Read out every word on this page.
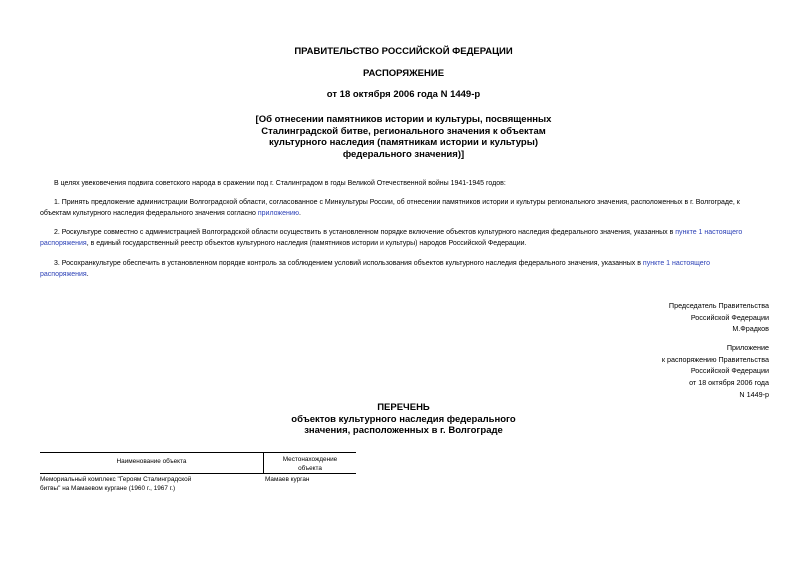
ПРАВИТЕЛЬСТВО РОССИЙСКОЙ ФЕДЕРАЦИИ
РАСПОРЯЖЕНИЕ
от 18 октября 2006 года N 1449-р
[Об отнесении памятников истории и культуры, посвященных
Сталинградской битве, регионального значения к объектам
культурного наследия (памятникам истории и культуры)
федерального значения)]
В целях увековечения подвига советского народа в сражении под г. Сталинградом в годы Великой Отечественной войны 1941-1945 годов:
1. Принять предложение администрации Волгоградской области, согласованное с Минкультуры России, об отнесении памятников истории и культуры регионального значения, расположенных в г. Волгограде, к
объектам культурного наследия федерального значения согласно приложению.
2. Роскультуре совместно с администрацией Волгоградской области осуществить в установленном порядке включение объектов культурного наследия федерального значения, указанных в пункте 1 настоящего
распоряжения, в единый государственный реестр объектов культурного наследия (памятников истории и культуры) народов Российской Федерации.
3. Росохранкультуре обеспечить в установленном порядке контроль за соблюдением условий использования объектов культурного наследия федерального значения, указанных в пункте 1 настоящего
распоряжения.
Председатель Правительства
Российской Федерации
М.Фрадков
Приложение
к распоряжению Правительства
Российской Федерации
от 18 октября 2006 года
N 1449-р
ПЕРЕЧЕНЬ
объектов культурного наследия федерального
значения, расположенных в г. Волгограде
Наименование объекта	Местонахождение
объекта
Мемориальный комплекс "Героям Сталинградской
битвы" на Мамаевом кургане (1960 г., 1967 г.)
Мамаев курган
